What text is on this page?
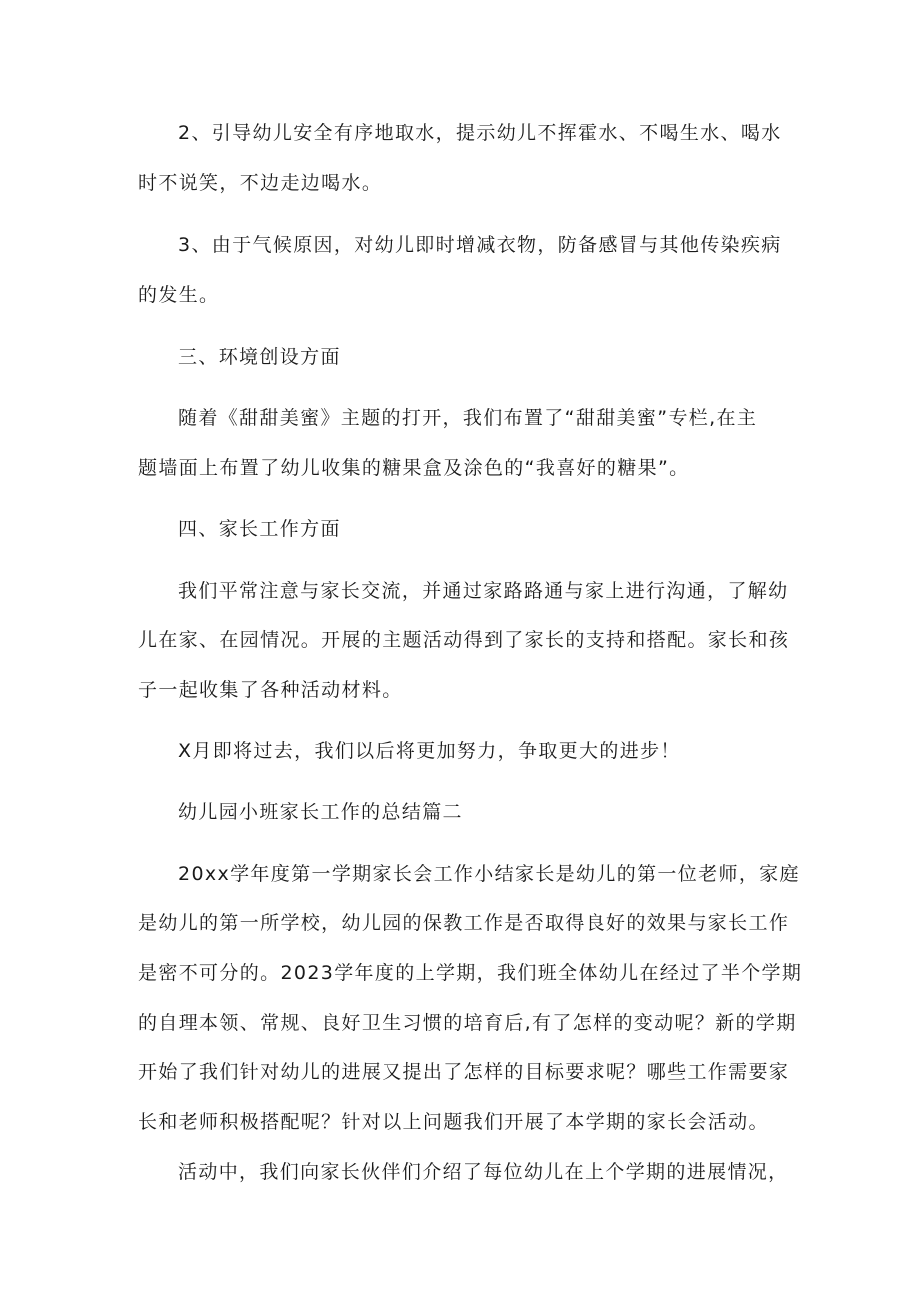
2、引导幼儿安全有序地取水，提示幼儿不挥霍水、不喝生水、喝水
时不说笑，不边走边喝水。
3、由于气候原因，对幼儿即时增减衣物，防备感冒与其他传染疾病
的发生。
三、环境创设方面
随着《甜甜美蜜》主题的打开，我们布置了“甜甜美蜜”专栏,在主
题墙面上布置了幼儿收集的糖果盒及涂色的“我喜好的糖果”。
四、家长工作方面
我们平常注意与家长交流，并通过家路路通与家上进行沟通，了解幼
儿在家、在园情况。开展的主题活动得到了家长的支持和搭配。家长和孩
子一起收集了各种活动材料。
X月即将过去，我们以后将更加努力，争取更大的进步！
幼儿园小班家长工作的总结篇二
20xx学年度第一学期家长会工作小结家长是幼儿的第一位老师，家庭
是幼儿的第一所学校，幼儿园的保教工作是否取得良好的效果与家长工作
是密不可分的。2023学年度的上学期，我们班全体幼儿在经过了半个学期
的自理本领、常规、良好卫生习惯的培育后,有了怎样的变动呢？新的学期
开始了我们针对幼儿的进展又提出了怎样的目标要求呢？哪些工作需要家
长和老师积极搭配呢？针对以上问题我们开展了本学期的家长会活动。
活动中，我们向家长伙伴们介绍了每位幼儿在上个学期的进展情况，
